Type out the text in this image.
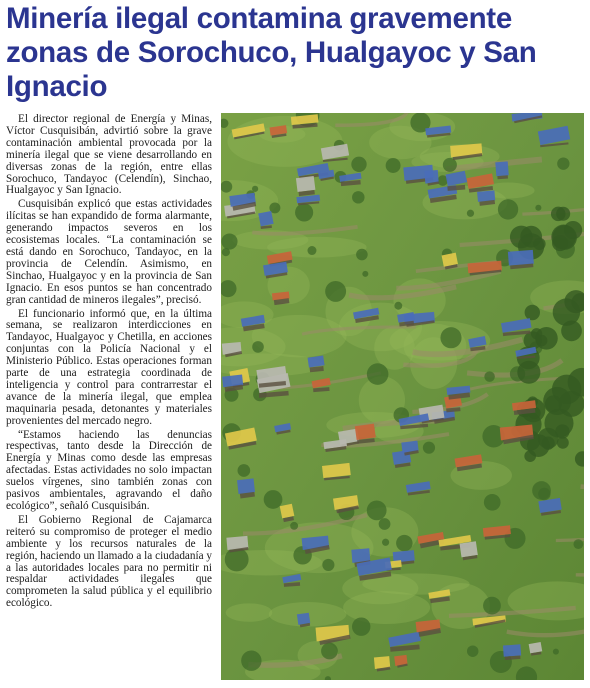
Minería ilegal contamina gravemente zonas de Sorochuco, Hualgayoc y San Ignacio

El director regional de Energía y Minas, Víctor Cusquisibán, advirtió sobre la grave contaminación ambiental provocada por la minería ilegal que se viene desarrollando en diversas zonas de la región, entre ellas Sorochuco, Tandayoc (Celendín), Sinchao, Hualgayoc y San Ignacio.

Cusquisibán explicó que estas actividades ilícitas se han expandido de forma alarmante, generando impactos severos en los ecosistemas locales. “La contaminación se está dando en Sorochuco, Tandayoc, en la provincia de Celendín. Asimismo, en Sinchao, Hualgayoc y en la provincia de San Ignacio. En esos puntos se han concentrado gran cantidad de mineros ilegales”, precisó.

El funcionario informó que, en la última semana, se realizaron interdicciones en Tandayoc, Hualgayoc y Chetilla, en acciones conjuntas con la Policía Nacional y el Ministerio Público. Estas operaciones forman parte de una estrategia coordinada de inteligencia y control para contrarrestar el avance de la minería ilegal, que emplea maquinaria pesada, detonantes y materiales provenientes del mercado negro.

“Estamos haciendo las denuncias respectivas, tanto desde la Dirección de Energía y Minas como desde las empresas afectadas. Estas actividades no solo impactan suelos vírgenes, sino también zonas con pasivos ambientales, agravando el daño ecológico”, señaló Cusquisibán.

El Gobierno Regional de Cajamarca reiteró su compromiso de proteger el medio ambiente y los recursos naturales de la región, haciendo un llamado a la ciudadanía y a las autoridades locales para no permitir ni respaldar actividades ilegales que comprometen la salud pública y el equilibrio ecológico.
